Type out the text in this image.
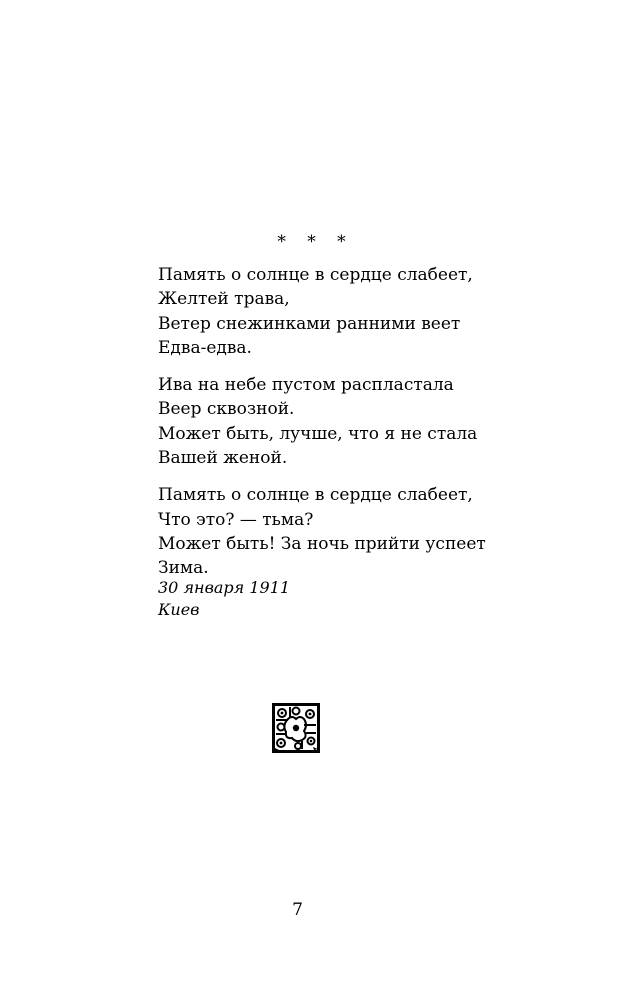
* * *
Память о солнце в сердце слабеет,
Желтей трава,
Ветер снежинками ранними веет
Едва-едва.
Ива на небе пустом распластала
Веер сквозной.
Может быть, лучше, что я не стала
Вашей женой.
Память о солнце в сердце слабеет,
Что это? — тьма?
Может быть! За ночь прийти успеет
Зима.
30 января 1911
Киев
7
